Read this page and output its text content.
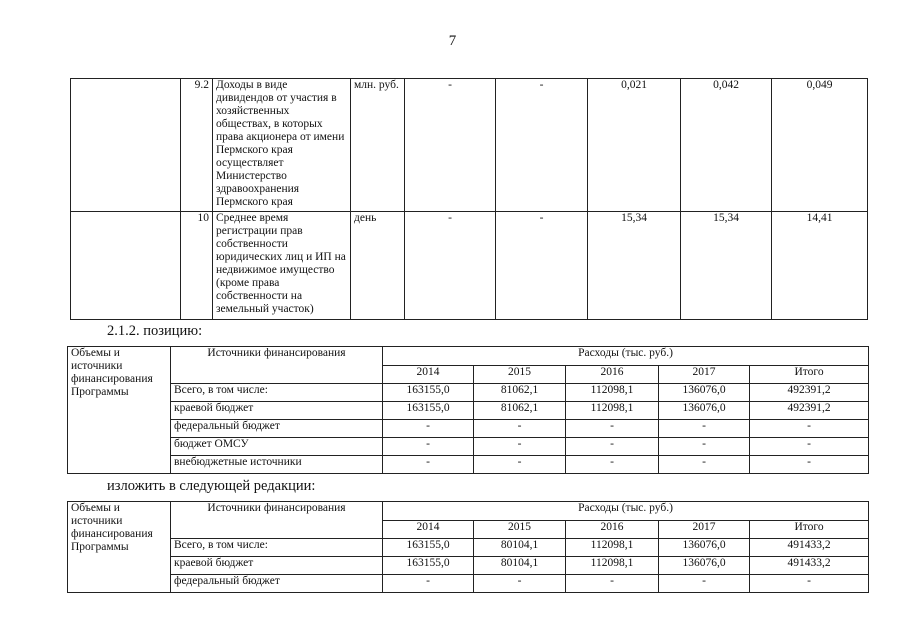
7
	9.2	Доходы в виде дивидендов от участия в хозяйственных обществах, в которых права акционера от имени Пермского края осуществляет Министерство здравоохранения Пермского края	млн. руб.	-	-	0,021	0,042	0,049
	10	Среднее время регистрации прав собственности юридических лиц и ИП на недвижимое имущество (кроме права собственности на земельный участок)	день	-	-	15,34	15,34	14,41
2.1.2. позицию:
Объемы и источники финансирования Программы	Источники финансирования	Расходы (тыс. руб.)				
		2014	2015	2016	2017	Итого
	Всего, в том числе:	163155,0	81062,1	112098,1	136076,0	492391,2
	краевой бюджет	163155,0	81062,1	112098,1	136076,0	492391,2
	федеральный бюджет	-	-	-	-	-
	бюджет ОМСУ	-	-	-	-	-
	внебюджетные источники	-	-	-	-	-
изложить в следующей редакции:
Объемы и источники финансирования Программы	Источники финансирования	Расходы (тыс. руб.)				
		2014	2015	2016	2017	Итого
	Всего, в том числе:	163155,0	80104,1	112098,1	136076,0	491433,2
	краевой бюджет	163155,0	80104,1	112098,1	136076,0	491433,2
	федеральный бюджет	-	-	-	-	-
